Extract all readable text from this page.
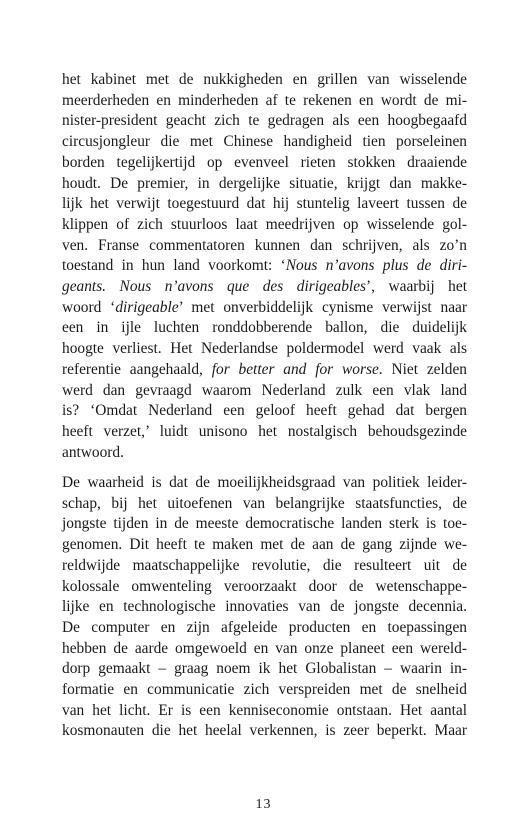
het kabinet met de nukkigheden en grillen van wisselende
meerderheden en minderheden af te rekenen en wordt de mi-
nister-president geacht zich te gedragen als een hoogbegaafd
circusjongleur die met Chinese handigheid tien porseleinen
borden tegelijkertijd op evenveel rieten stokken draaiende
houdt. De premier, in dergelijke situatie, krijgt dan makke-
lijk het verwijt toegestuurd dat hij stuntelig laveert tussen de
klippen of zich stuurloos laat meedrijven op wisselende gol-
ven. Franse commentatoren kunnen dan schrijven, als zo’n
toestand in hun land voorkomt: ‘Nous n’avons plus de diri-
geants. Nous n’avons que des dirigeables’, waarbij het
woord ‘dirigeable’ met onverbiddelijk cynisme verwijst naar
een in ijle luchten ronddobberende ballon, die duidelijk
hoogte verliest. Het Nederlandse poldermodel werd vaak als
referentie aangehaald, for better and for worse. Niet zelden
werd dan gevraagd waarom Nederland zulk een vlak land
is? ‘Omdat Nederland een geloof heeft gehad dat bergen
heeft verzet,’ luidt unisono het nostalgisch behoudsgezinde
antwoord.
De waarheid is dat de moeilijkheidsgraad van politiek leider-
schap, bij het uitoefenen van belangrijke staatsfuncties, de
jongste tijden in de meeste democratische landen sterk is toe-
genomen. Dit heeft te maken met de aan de gang zijnde we-
reldwijde maatschappelijke revolutie, die resulteert uit de
kolossale omwenteling veroorzaakt door de wetenschappe-
lijke en technologische innovaties van de jongste decennia.
De computer en zijn afgeleide producten en toepassingen
hebben de aarde omgewoeld en van onze planeet een wereld-
dorp gemaakt – graag noem ik het Globalistan – waarin in-
formatie en communicatie zich verspreiden met de snelheid
van het licht. Er is een kenniseconomie ontstaan. Het aantal
kosmonauten die het heelal verkennen, is zeer beperkt. Maar
13
